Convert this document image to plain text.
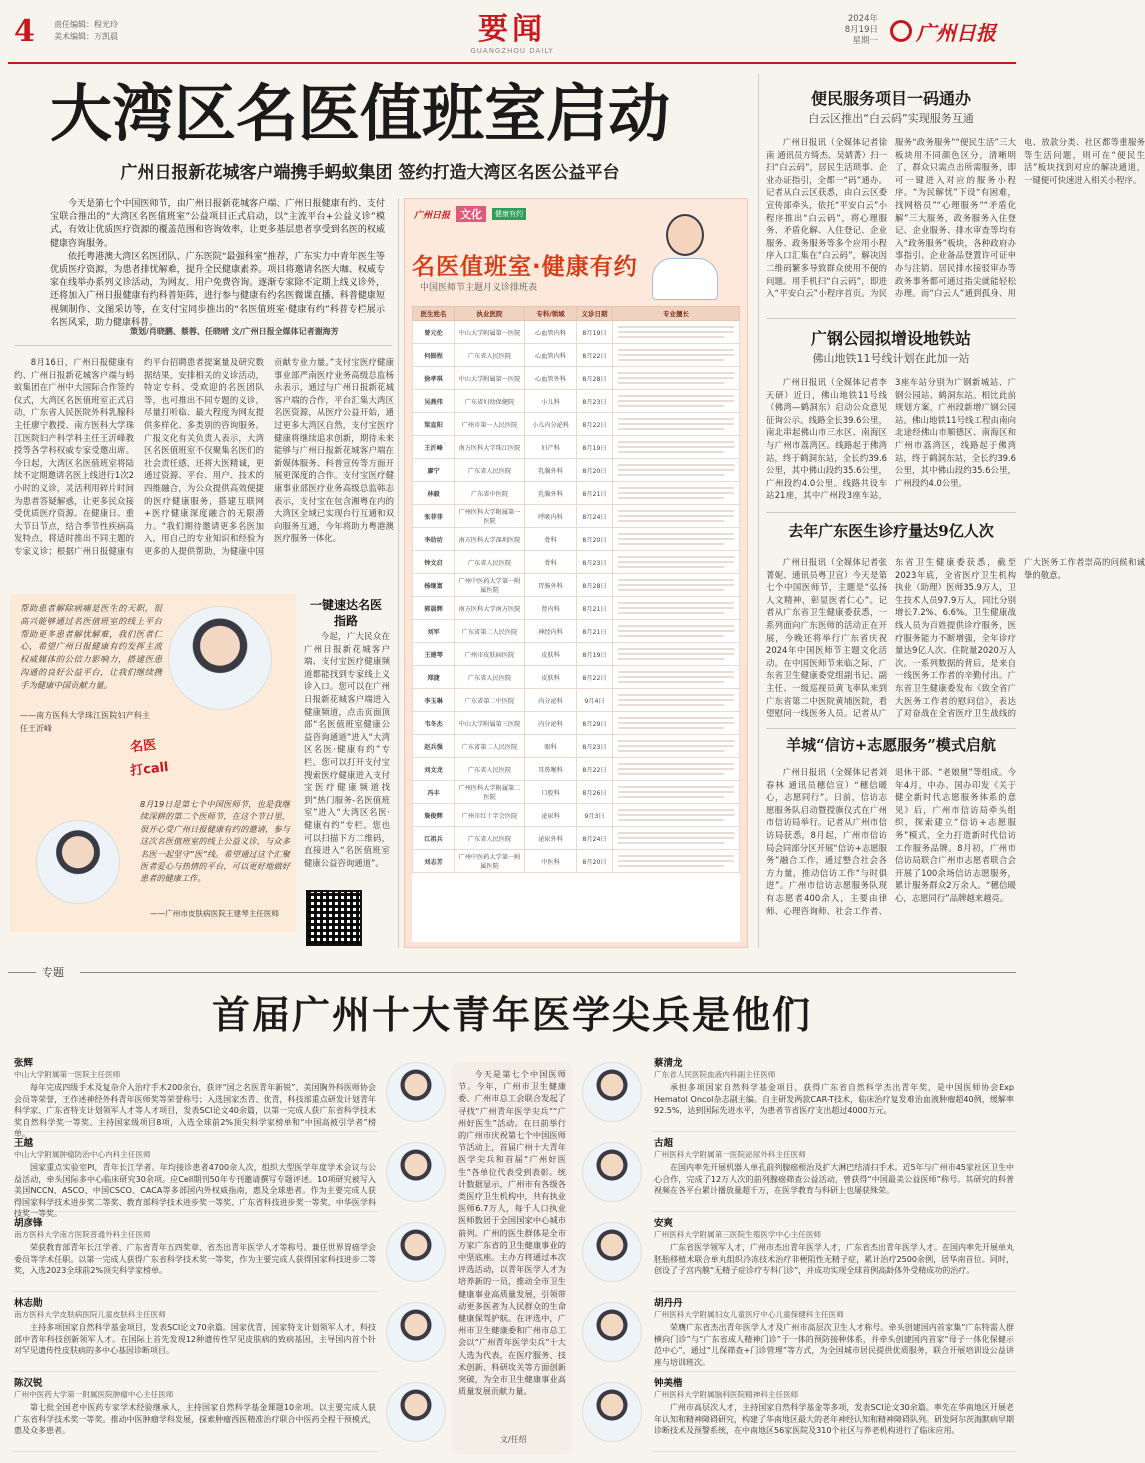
4 责任编辑：程光玲
美术编辑：万凯晨	要闻
GUANGZHOU DAILY
2024年
8月19日
星期一 广州日报
大湾区名医值班室启动
广州日报新花城客户端携手蚂蚁集团 签约打造大湾区名医公益平台

今天是第七个中国医师节，由广州日报新花城客户端、广州日报健康有约、支付宝联合推出的“大湾区名医值班室”公益项目正式启动，以“主流平台+公益义诊”模式，有效让优质医疗资源的覆盖范围和咨询效率，让更多基层患者享受到名医的权威健康咨询服务。

依托粤港澳大湾区名医团队、广东医院“最强科室”推荐，广东实力中青年医生等优质医疗资源，为患者排忧解难，提升全民健康素养。项目将邀请名医大咖、权威专家在线举办系列义诊活动，为网友、用户免费咨询。逐渐专家除不定期上线义诊外，还将加入广州日报健康有约科普矩阵，进行参与健康有约名医微课直播、科普健康短视频制作、文图采访等，在支付宝同步推出的“名医值班室·健康有约”科普专栏展示名医风采，助力健康科普。

策划/肖晓鹏、蔡蓉、任晓晴 文/广州日报全媒体记者谢海芳
8月16日，广州日报健康有约、广州日报新花城客户端与蚂蚁集团在广州中大国际合作签约仪式，大湾区名医值班室正式启动，广东省人民医院外科乳腺科主任廖宁教授、南方医科大学珠江医院妇产科学科主任王沂峰教授等各学科权威专家受邀出席。今日起，大湾区名医值班室将陆续不定期邀请名医上线进行1次2小时的义诊，灵活利用碎片时间为患者答疑解惑，让更多民众接受优质医疗资源。在健康日、重大节日节点，结合季节性疾病高发特点，将适时推出不同主题的专家义诊；根据广州日报健康有约平台招聘患者提案量及研究数据结果，安排相关的义诊活动，特定专科、受欢迎的名医团队等，也可推出不同专题的义诊，尽量打听临、最大程度为网友提供多样化、多类别的咨询服务。广报文化有关负责人表示，大湾区名医值班室不仅聚集名医们的社会责任感，还将大医精诚，更通过资源、平台、用户、技术的四维融合，为公众提供高效便捷的医疗健康服务，搭建互联网+医疗健康深度融合的无限潜力。“我们期待邀请更多名医加入，用自己的专业知识和经验为更多的人提供帮助，为健康中国贡献专业力量。”支付宝医疗健康事业部严南医疗业务高级总监杨永表示，通过与广州日报新花城客户端的合作，平台汇集大湾区名医资源，从医疗公益开始，通过更多大湾区自然，支付宝医疗健康将继续追求创新，期待未来能够与广州日报新花城客户端在新媒体服务、科普宣传等方面开展更深度的合作。支付宝医疗健康事业部医疗业务高级总监韩志表示，支付宝在包含湘粤在内的大湾区全域已实现台行互通和双向服务互通，今年将助力粤港澳医疗服务一体化。
帮助患者解除病痛是医生的天职，很高兴能够通过名医值班室的线上平台帮助更多患者解忧解难，我们医者仁心，希望广州日报健康有约发挥主流权威媒体的公信力影响力，搭建医患沟通的良好公益平台，让我们继续携手为健康中国贡献力量。
——南方医科大学珠江医院妇产科主任王沂峰
名医
打call
8月19日是第七个中国医师节，也是我继续深耕的第二个医师节，在这个节日里，很开心受广州日报健康有约的邀请，参与这次名医值班室的线上公益义诊，与众多名医一起坚守“医”线。希望通过这个汇聚医者爱心与热情的平台，可以更好地做好患者的健康工作。
——广州市皮肤病医院王建琴主任医师
一键速达名医指路
今起，广大民众在广州日报新花城客户端、支付宝医疗健康频道都能找到专家线上义诊入口。您可以在广州日报新花城客户端进入健康频道，点击页面顶部“名医值班室健康公益咨询通道”进入“大湾区名医·健康有约”专栏。您可以打开支付宝搜索医疗健康进入支付宝医疗健康频道找到“热门服务-名医值班室”进入“大湾区名医·健康有约”专栏。您也可以扫描下方二维码，直接进入“名医值班室健康公益咨询通道”。
广州日报 文化	健康有约
名医值班室·健康有约
中国医师节主题月义诊排班表
医生姓名	执业医院	专科/领域	义诊日期	专业擅长
曾元伦	中山大学附属第一医院	心血管内科	8月19日	

何振程	广东省人民医院	心血管内科	8月22日	

徐孝琪	中山大学附属第一医院	心血管外科	8月28日	

吴燕伟	广东省妇幼保健院	小儿科	8月23日	

梁直阳	广州市第一人民医院	小儿内分泌科	8月22日	

王沂峰	南方医科大学珠江医院	妇产科	8月19日	

廖宁	广东省人民医院	乳腺外科	8月20日	

林毅	广东省中医院	乳腺外科	8月21日	

张菲菲	广州医科大学附属第一医院	呼吸内科	8月24日	

李幼坊	南方医科大学深圳医院	骨科	8月20日	

钟文启	广东省人民医院	骨科	8月23日	

杨继富	广州中医药大学第一附属医院	胃肠外科	8月28日	

郭晨辉	南方医科大学南方医院	肾内科	8月21日	

刘军	广东省第二人民医院	神经内科	8月21日	

王建琴	广州市皮肤病医院	皮肤科	8月19日	

郑捷	广东省人民医院	皮肤科	8月22日	

李玉琳	广东省第二中医院	内分泌科	9月4日	

韦冬杰	中山大学附属第三医院	内分泌科	8月29日	

赵兵强	广东省第二人民医院	眼科	8月23日	

刘文龙	广东省人民医院	耳鼻喉科	8月22日	

冯丰	广州医科大学附属第二医院	口腔科	8月26日	

詹俊辉	广州市红十字会医院	泌尿科	9月3日	

江祖兵	广东省人民医院	泌尿外科	8月24日	

刘志芳	广州中医药大学第一附属医院	中医科	8月20日	
便民服务项目一码通办
白云区推出“白云码”实现服务互通
广州日报讯（全媒体记者徐南 通讯员方绮杰、吴婧菁）扫一扫“白云码”，居民生活琐事、企业办证指引，全都一“码”通办。记者从白云区获悉，由白云区委宣传部牵头，依托“平安白云”小程序推出“白云码”，将心理服务、矛盾化解、入住登记、企业服务、政务服务等多个应用小程序入口汇集在“白云码”，解决因二维码繁多导致群众使用不便的问题。用手机扫“白云码”，即进入“平安白云”小程序首页。为民服务“政务服务”“便民生活”三大板块用不同颜色区分，清晰明了，群众只需点击所需服务，即可一键进入对应的服务小程序。“为民解忧”下设“有困难，找网格员”“心理服务”“矛盾化解”三大服务，政务服务入住登记、企业服务、排水审查等均有入“政务服务”板块，各种政府办事指引、企业备品登置许可证申办与注销、居民排水接驳审办等政务事务都可通过指尖就能轻松办理。而“白云人”通到孤身、用电、放款分类、社区都等重服务等生活问题，则可在“便民生活”板块找到对应的解决通道，一键便可快速进入相关小程序。
广钢公园拟增设地铁站
佛山地铁11号线计划在此加一站
广州日报讯（全媒体记者李天研）近日，佛山地铁11号线（佛湾—鹤洞东）启动公众意见征询公示。线路全长39.6公里，南北串起佛山市三水区、南海区与广州市荔湾区。线路起于佛湾站，终于鹤洞东站，全长约39.6公里，其中佛山段约35.6公里，广州段约4.0公里。线路共设车站21座，其中广州段3座车站，3座车站分别为广钢新城站、广钢公园站、鹤洞东站。相比此前规划方案，广州段新增广钢公园站。佛山地铁11号线工程由南向北途经佛山市顺德区、南海区和广州市荔湾区，线路起于佛湾站，终于鹤洞东站，全长约39.6公里，其中佛山段约35.6公里，广州段约4.0公里。
去年广东医生诊疗量达9亿人次
广州日报讯（全媒体记者张菁妮、通讯员粤卫宣）今天是第七个中国医师节，主题是“弘扬人文精神，彰显医者仁心”。记者从广东省卫生健康委获悉，一系列面向广东医师的活动正在开展，今晚还将举行广东省庆祝2024年中国医师节主题文化活动。在中国医师节来临之际，广东省卫生健康委党组副书记、副主任、一级巡视员黄飞率队来到广东省第二中医院黄埔医院，看望慰问一线医务人员。记者从广东省卫生健康委获悉，截至2023年底，全省医疗卫生机构执业（助理）医师35.9万人，卫生技术人员97.9万人，同比分别增长7.2%、6.6%。卫生健康战线人员为百姓提供诊疗服务，医疗服务能力不断增强，全年诊疗量达9亿人次、住院量2020万人次。一系列数据的背后，是来自一线医务工作者的辛勤付出。广东省卫生健康委发布《致全省广大医务工作者的慰问信》，表达了对奋战在全省医疗卫生战线的广大医务工作者崇高的问候和诚挚的敬意。
羊城“信访+志愿服务”模式启航
广州日报讯（全媒体记者刘春林 通讯员穗信宣）“穗信暖心，志愿同行”。日前，信访志愿服务队启动暨授旗仪式在广州市信访局举行。记者从广州市信访局获悉，8月起，广州市信访局会同部分区开展“信访+志愿服务”融合工作，通过整合社会各方力量，推动信访工作“与时俱进”。广州市信访志愿服务队现有志愿者400余人，主要由律师、心理咨询师、社会工作者、退休干部、“老娘舅”等组成。今年4月，中办、国办印发《关于健全新时代志愿服务体系的意见》后，广州市信访局牵头组织，探索建立“信访+志愿服务”模式，全力打造新时代信访工作服务品牌。8月初，广州市信访局联合广州市志愿者联合会开展了100余场信访志愿服务，累计服务群众2万余人。“穗信暖心，志愿同行”品牌越来越亮。
专题
首届广州十大青年医学尖兵是他们
张辉
中山大学附属第一医院主任医师
每年完成四级手术及复杂介入治疗手术200余台，获评“国之名医青年新锐”、美国胸外科医师协会会员等荣誉，王作述神经外科青年医师奖等荣誉称号；入选国家杰青、优青，科技部重点研发计划青年科学家、广东省特支计划领军人才等人才项目，发表SCI论文40余篇，以第一完成人获广东省科学技术奖自然科学奖一等奖、主持国家级项目8项，入选全球前2%顶尖科学家榜单和“中国高被引学者”榜单。
王越
中山大学附属肿瘤防治中心内科主任医师
国家重点实验室PI，青年长江学者。年均接诊患者4700余人次，组织大型医学年度学术会议与公益活动，牵头国际多中心临床研究30余项。应Cell期刊50年专刊邀请撰写专题评述。10项研究被写入美国NCCN、ASCO、中国CSCO、CACA等多部国内外权威指南，惠及全球患者。作为主要完成人获得国家科学技术进步奖二等奖、教育部科学技术进步奖一等奖、广东省科技进步奖一等奖、中华医学科技奖一等奖。
胡彦锋
南方医科大学南方医院普通外科主任医师
荣获教育部青年长江学者、广东省青年五四奖章、省杰出青年医学人才等称号。兼任世界胃癌学会委员等学术任职。以第一完成人获得广东省科学技术奖一等奖，作为主要完成人获得国家科技进步二等奖，入选2023全球前2%顶尖科学家榜单。
林志勋
南方医科大学皮肤病医院儿童皮肤科主任医师
主持多项国家自然科学基金项目，发表SCI论文70余篇。国家优青，国家特支计划领军人才，科技部中青年科技创新领军人才。在国际上首先发现12种遗传性罕见皮肤病的致病基因，主导国内首个针对罕见遗传性皮肤病的多中心基因诊断项目。
陈汉锐
广州中医药大学第一附属医院肿瘤中心主任医师
第七批全国老中医药专家学术经验继承人，主持国家自然科学基金课题10余项。以主要完成人获广东省科学技术奖一等奖。推动中医肿瘤学科发展，探索肿瘤西医精准治疗联合中医药全程干预模式，惠及众多患者。
今天是第七个中国医师节。今年，广州市卫生健康委、广州市总工会联合发起了寻找“广州青年医学尖兵”“广州好医生”活动。在日前举行的广州市庆祝第七个中国医师节活动上，首届广州十大青年医学尖兵和首届“广州好医生”各单位代表受到表彰。统计数据显示，广州市有各级各类医疗卫生机构中，共有执业医师6.7万人，每千人口执业医师数居于全国国家中心城市前列。广州的医生群体是全市万家广东省的卫生健康事业的中坚底座。主办方将通过本次评选活动，以青年医学人才为培养新的一员，推动全市卫生健康事业高质量发展，引领带动更多医者为人民群众的生命健康保驾护航。在评选中，广州市卫生健康委和广州市总工会以“广州青年医学尖兵”十大人选为代表，在医疗服务、技术创新、科研攻关等方面创新突破，为全市卫生健康事业高质量发展贡献力量。
文/任绍
蔡清龙
广东省人民医院血液内科副主任医师
承担多项国家自然科学基金项目，获得广东省自然科学杰出青年奖，是中国医师协会Exp Hematol Oncol杂志副主编。自主研发两款CAR-T技术，临床治疗复发难治血液肿瘤超40例，缓解率92.5%，达到国际先进水平，为患者节省医疗支出超过4000万元。
古超
广州医科大学附属第一医院泌尿外科主任医师
在国内率先开展机器人单孔前列腺癌根治及扩大淋巴结清扫手术。近5年与广州市45家社区卫生中心合作，完成了12万人次的前列腺癌筛查公益活动，曾获得“中国最美公益医师”称号。其研究的科普视频在各平台累计播放量超千万，在医学教育与科研上也屡获殊荣。
安爽
广州医科大学附属第三医院生殖医学中心主任医师
广东省医学领军人才，广州市杰出青年医学人才，广东省杰出青年医学人才。在国内率先开展单丸胚胎移植术联合单丸组织冷冻技术治疗非梗阻性无精子症，累计治疗2500余例，居华南首位。同时，创设了子宫内膜“无精子症诊疗专科门诊”，并成功实现全球首例高龄体外受精成功的治疗。
胡丹丹
广州医科大学附属妇女儿童医疗中心儿童保健科主任医师
荣膺广东省杰出青年医学人才及广州市高层次卫生人才称号。牵头创建国内首家集“广东特需人群横向门诊”与“广东省成人精神门诊”于一体的预防接种体系，并牵头创建国内首家“母子一体化保健示范中心”，通过“儿保筛查+门诊管理”等方式，为全国城市居民提供优质服务，联合开展培训设公益讲座与培训班次。
钟美楷
广州医科大学附属脑科医院精神科主任医师
广州市高层次人才，主持国家自然科学基金等多项，发表SCI论文30余篇。率先在华南地区开展老年认知和精神障碍研究，构建了华南地区最大的老年神经认知和精神障碍队列。研发阿尔茨海默病早期诊断技术及预警系统，在中南地区56家医院及310个社区与养老机构进行了临床应用。
